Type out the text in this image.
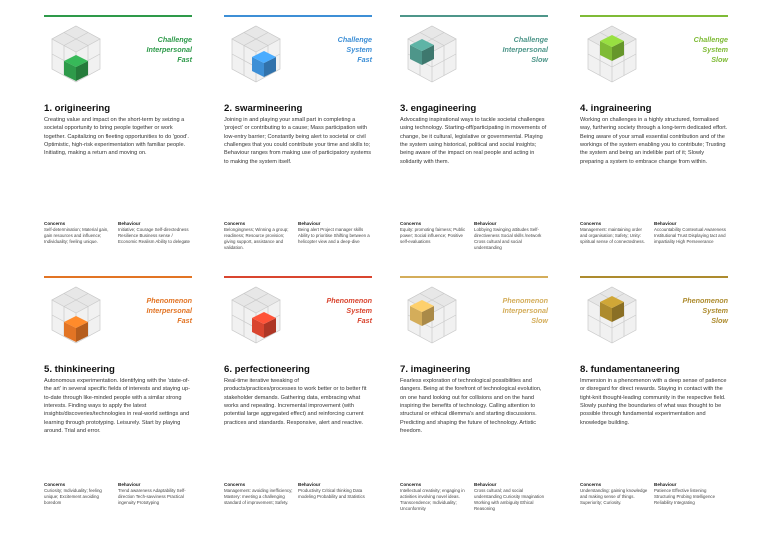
Challenge
Interpersonal
Fast
1. origineering

Creating value and impact on the short-term by seizing a societal opportunity to bring people together or work together. Capitalizing on fleeting opportunities to do 'good'. Optimistic, high-risk experimentation with familiar people. Initiating, making a return and moving on.

Concerns

Self-determination; Material gain, gain resources and influence; Individuality; feeling unique.

Behaviour

Initiative; Courage Self-directedness Resilience Business sense / Economic Realism Ability to delegate

Challenge
System
Fast
2. swarmineering

Joining in and playing your small part in completing a 'project' or contributing to a cause; Mass participation with low-entry barrier; Constantly being alert to societal or civil challenges that you could contribute your time and skills to; Behaviour ranges from making use of participatory systems to making the system itself.

Concerns

Belongingness; Winning a group; readiness; Resource provision; giving support, assistance and validation.

Behaviour

Being alert Project manager skills Ability to prioritise Shifting between a helicopter view and a deep-dive

Challenge
Interpersonal
Slow
3. engagineering

Advocating inspirational ways to tackle societal challenges using technology. Starting-off/participating in movements of change, be it cultural, legislative or governmental. Playing the system using historical, political and social insights; being aware of the impact on real people and acting in solidarity with them.

Concerns

Equity: promoting fairness; Public power; Social influence; Positive self-evaluations

Behaviour

Lobbying Swinging attitudes Self-directiveness Social skills /network Cross cultural and social understanding

Challenge
System
Slow
4. ingraineering

Working on challenges in a highly structured, formalised way, furthering society through a long-term dedicated effort. Being aware of your small essential contribution and of the workings of the system enabling you to contribute; Trusting the system and being an indelible part of it; Slowly preparing a system to embrace change from within.

Concerns

Management: maintaining order and organisation; Safety; Unity: spiritual sense of connectedness.

Behaviour

Accountability Contextual Awareness Institutional Trust Displaying tact and impartiality High Perseverance

Phenomenon
Interpersonal
Fast
5. thinkineering

Autonomous experimentation. Identifying with the 'state-of-the art' in several specific fields of interests and staying up-to-date through like-minded people with a similar strong interests. Finding ways to apply the latest insights/discoveries/technologies in real-world settings and learning through prototyping. Leisurely. Start by playing around. Trial and error.

Concerns

Curiosity; Individuality; feeling unique; Excitement avoiding boredom

Behaviour

Trend awareness Adaptability Self-direction Tech-savviness Practical ingenuity Prototyping

Phenomenon
System
Fast
6. perfectioneering

Real-time iterative tweaking of products/practices/processes to work better or to better fit stakeholder demands. Gathering data, embracing what works and repeating. Incremental improvement (with potential large aggregated effect) and reinforcing current practices and standards. Responsive, alert and reactive.

Concerns

Management: avoiding inefficiency; Mastery: meeting a challenging standard of improvement; Safety.

Behaviour

Productivity Critical thinking Data modeling Probability and Statistics

Phenomenon
Interpersonal
Slow
7. imagineering

Fearless exploration of technological possibilities and dangers. Being at the forefront of technological evolution, on one hand looking out for collisions and on the hand inspiring the benefits of technology. Calling attention to structural or ethical dilemma's and starting discussions. Predicting and shaping the future of technology. Artistic freedom.

Concerns

Intellectual creativity; engaging in activities involving novel ideas. Transcendence; Individuality; Unconformity

Behaviour

Cross cultural; and social understanding Curiosity Imagination Working with ambiguity Ethical Reasoning

Phenomenon
System
Slow
8. fundamentaneering

Immersion in a phenomenon with a deep sense of patience or disregard for direct rewards. Staying in contact with the tight-knit thought-leading community in the respective field. Slowly pushing the boundaries of what was thought to be possible through fundamental experimentation and knowledge building.

Concerns

Understanding: gaining knowledge and making sense of things. Superiority; Curiosity.

Behaviour

Patience Effective listening Structuring Probing Intelligence Reliability Integrating
